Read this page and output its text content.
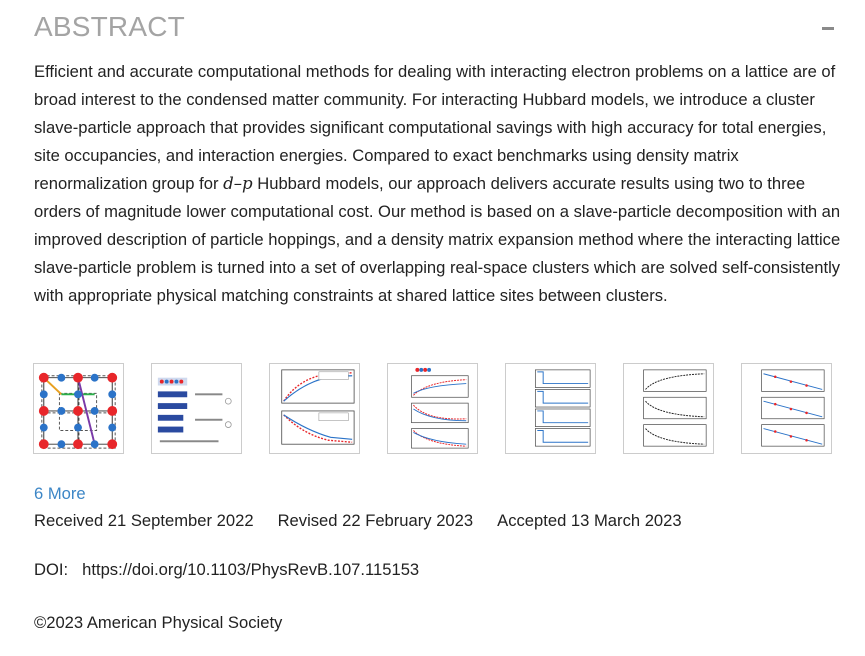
ABSTRACT

Efficient and accurate computational methods for dealing with interacting electron problems on a lattice are of broad interest to the condensed matter community. For interacting Hubbard models, we introduce a cluster slave-particle approach that provides significant computational savings with high accuracy for total energies, site occupancies, and interaction energies. Compared to exact benchmarks using density matrix renormalization group for d–p Hubbard models, our approach delivers accurate results using two to three orders of magnitude lower computational cost. Our method is based on a slave-particle decomposition with an improved description of particle hoppings, and a density matrix expansion method where the interacting lattice slave-particle problem is turned into a set of overlapping real-space clusters which are solved self-consistently with appropriate physical matching constraints at shared lattice sites between clusters.

6 More
Received 21 September 2022 Revised 22 February 2023 Accepted 13 March 2023
DOI: https://doi.org/10.1103/PhysRevB.107.115153
©2023 American Physical Society
